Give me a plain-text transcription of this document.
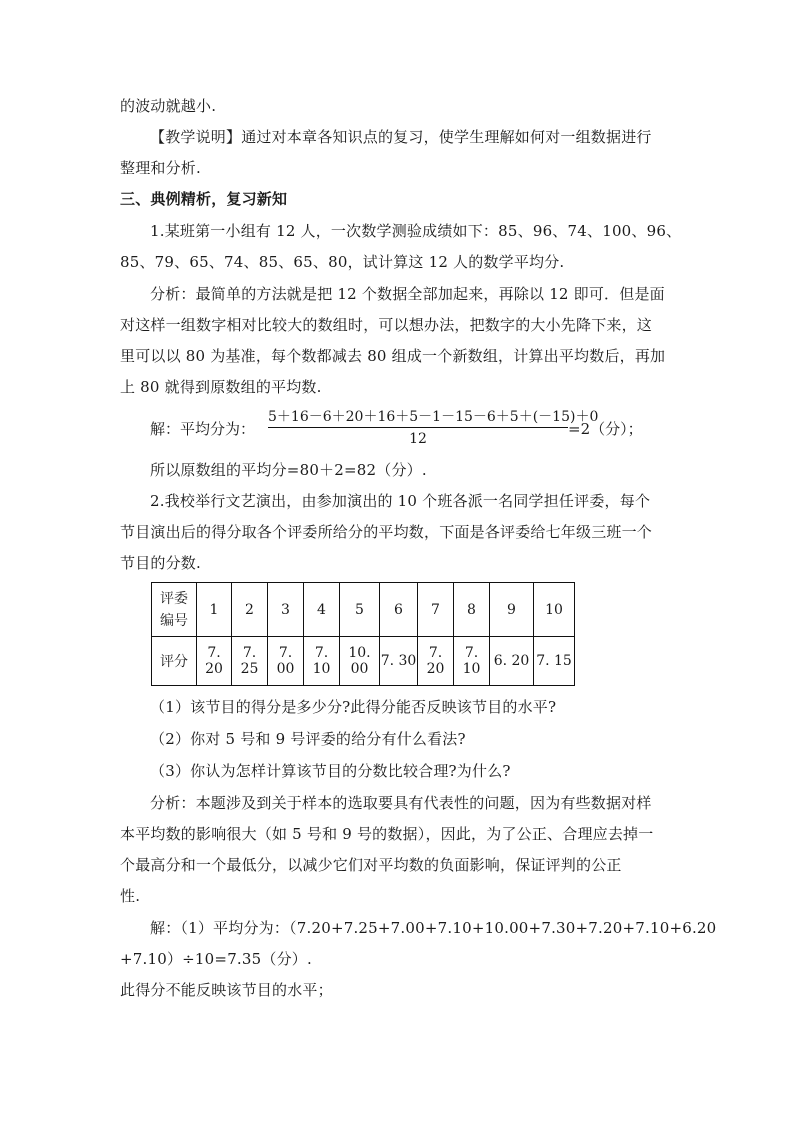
的波动就越小.
【教学说明】通过对本章各知识点的复习，使学生理解如何对一组数据进行
整理和分析.
三、典例精析，复习新知
1.某班第一小组有 12 人，一次数学测验成绩如下：85、96、74、100、96、
85、79、65、74、85、65、80，试计算这 12 人的数学平均分.
分析：最简单的方法就是把 12 个数据全部加起来，再除以 12 即可．但是面
对这样一组数字相对比较大的数组时，可以想办法，把数字的大小先降下来，这
里可以以 80 为基准，每个数都减去 80 组成一个新数组，计算出平均数后，再加
上 80 就得到原数组的平均数.
解：平均分为：
5＋16－6＋20＋16＋5－1－15－6＋5＋(－15)＋0
12
=2（分）；
所以原数组的平均分=80＋2=82（分）.
2.我校举行文艺演出，由参加演出的 10 个班各派一名同学担任评委，每个
节目演出后的得分取各个评委所给分的平均数，下面是各评委给七年级三班一个
节目的分数.
评委编号	1	2	3	4	5	6	7	8	9	10
评分	7. 20	7. 25	7. 00	7. 10	10. 00	7. 30	7. 20	7. 10	6. 20	7. 15
（1）该节目的得分是多少分?此得分能否反映该节目的水平?
（2）你对 5 号和 9 号评委的给分有什么看法?
（3）你认为怎样计算该节目的分数比较合理?为什么?
分析：本题涉及到关于样本的选取要具有代表性的问题，因为有些数据对样
本平均数的影响很大（如 5 号和 9 号的数据），因此，为了公正、合理应去掉一
个最高分和一个最低分，以减少它们对平均数的负面影响，保证评判的公正
性.
解：（1）平均分为：（7.20+7.25+7.00+7.10+10.00+7.30+7.20+7.10+6.20
+7.10）÷10=7.35（分）.
此得分不能反映该节目的水平；
